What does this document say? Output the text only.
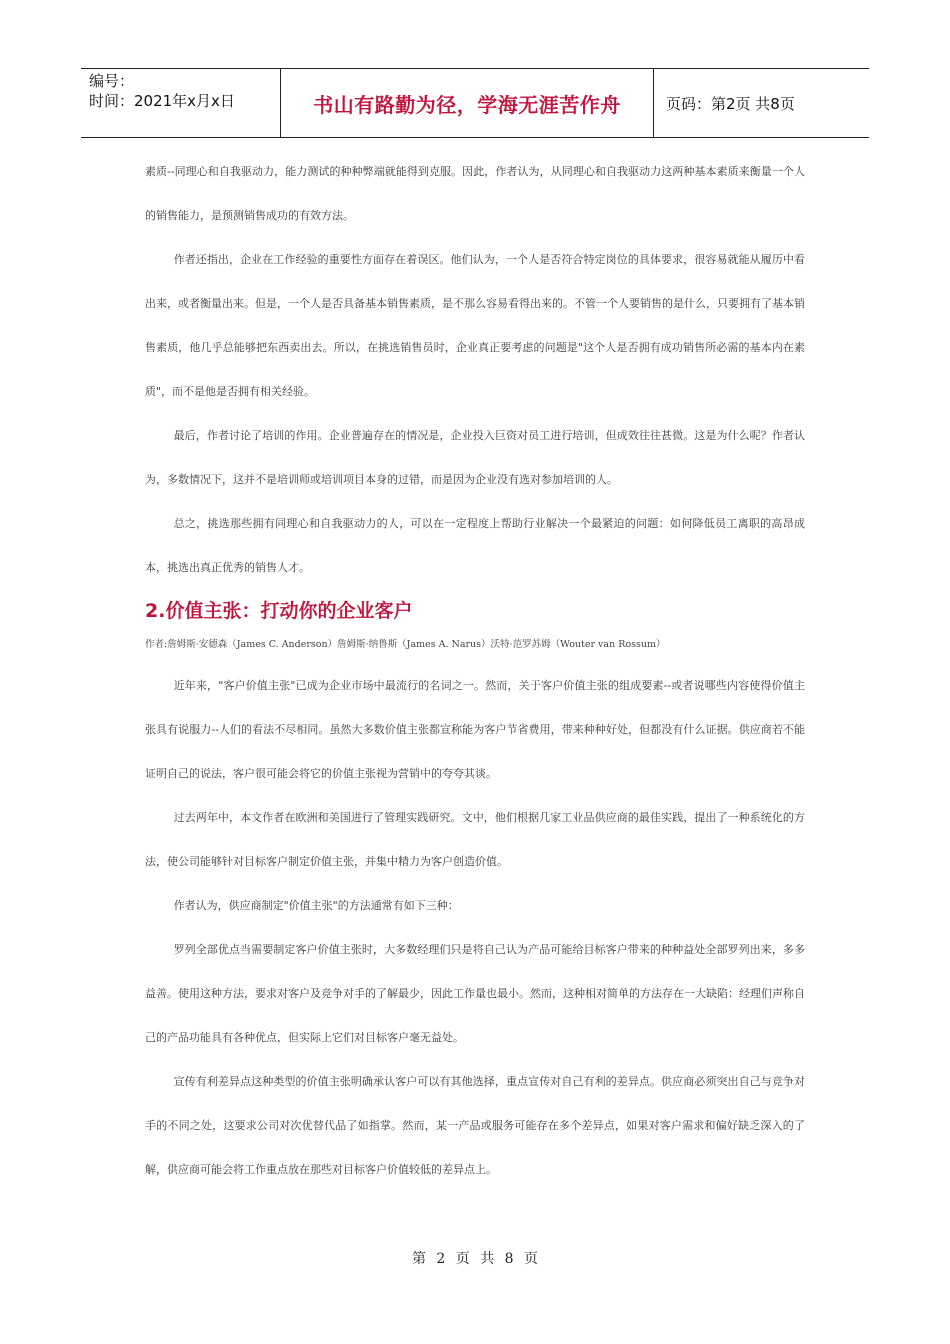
编号：
时间：2021年x月x日	书山有路勤为径，学海无涯苦作舟	页码：第2页 共8页

素质--同理心和自我驱动力，能力测试的种种弊端就能得到克服。因此，作者认为，从同理心和自我驱动力这两种基本素质来衡量一个人的销售能力，是预测销售成功的有效方法。

作者还指出，企业在工作经验的重要性方面存在着误区。他们认为，一个人是否符合特定岗位的具体要求，很容易就能从履历中看出来，或者衡量出来。但是，一个人是否具备基本销售素质，是不那么容易看得出来的。不管一个人要销售的是什么，只要拥有了基本销售素质，他几乎总能够把东西卖出去。所以，在挑选销售员时，企业真正要考虑的问题是"这个人是否拥有成功销售所必需的基本内在素质"，而不是他是否拥有相关经验。

最后，作者讨论了培训的作用。企业普遍存在的情况是，企业投入巨资对员工进行培训，但成效往往甚微。这是为什么呢？作者认为，多数情况下，这并不是培训师或培训项目本身的过错，而是因为企业没有选对参加培训的人。

总之，挑选那些拥有同理心和自我驱动力的人，可以在一定程度上帮助行业解决一个最紧迫的问题：如何降低员工离职的高昂成本，挑选出真正优秀的销售人才。

2.价值主张：打动你的企业客户
作者:詹姆斯·安德森（James C. Anderson）詹姆斯·纳鲁斯（James A. Narus）沃特·范罗苏姆（Wouter van Rossum）

近年来，"客户价值主张"已成为企业市场中最流行的名词之一。然而，关于客户价值主张的组成要素--或者说哪些内容使得价值主张具有说服力--人们的看法不尽相同。虽然大多数价值主张都宣称能为客户节省费用，带来种种好处，但都没有什么证据。供应商若不能证明自己的说法，客户很可能会将它的价值主张视为营销中的夸夸其谈。

过去两年中，本文作者在欧洲和美国进行了管理实践研究。文中，他们根据几家工业品供应商的最佳实践，提出了一种系统化的方法，使公司能够针对目标客户制定价值主张，并集中精力为客户创造价值。

作者认为，供应商制定"价值主张"的方法通常有如下三种：

罗列全部优点当需要制定客户价值主张时，大多数经理们只是将自己认为产品可能给目标客户带来的种种益处全部罗列出来，多多益善。使用这种方法，要求对客户及竞争对手的了解最少，因此工作量也最小。然而，这种相对简单的方法存在一大缺陷：经理们声称自己的产品功能具有各种优点，但实际上它们对目标客户毫无益处。

宣传有利差异点这种类型的价值主张明确承认客户可以有其他选择，重点宣传对自己有利的差异点。供应商必须突出自己与竞争对手的不同之处，这要求公司对次优替代品了如指掌。然而，某一产品或服务可能存在多个差异点，如果对客户需求和偏好缺乏深入的了解，供应商可能会将工作重点放在那些对目标客户价值较低的差异点上。

第 2 页 共 8 页
